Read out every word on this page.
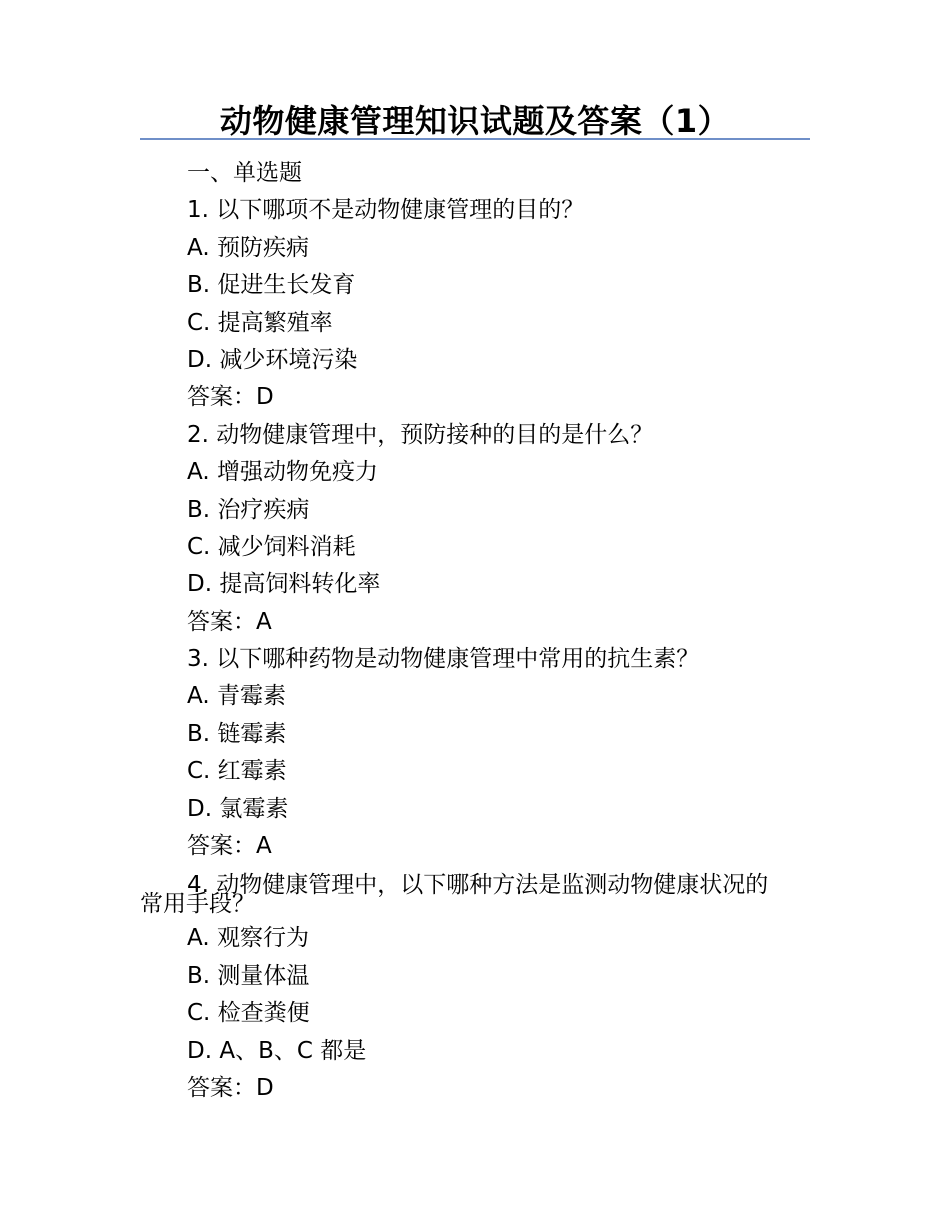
动物健康管理知识试题及答案（1）
一、单选题
1. 以下哪项不是动物健康管理的目的？
A. 预防疾病
B. 促进生长发育
C. 提高繁殖率
D. 减少环境污染
答案：D
2. 动物健康管理中，预防接种的目的是什么？
A. 增强动物免疫力
B. 治疗疾病
C. 减少饲料消耗
D. 提高饲料转化率
答案：A
3. 以下哪种药物是动物健康管理中常用的抗生素？
A. 青霉素
B. 链霉素
C. 红霉素
D. 氯霉素
答案：A
4. 动物健康管理中，以下哪种方法是监测动物健康状况的
常用手段？
A. 观察行为
B. 测量体温
C. 检查粪便
D. A、B、C 都是
答案：D
